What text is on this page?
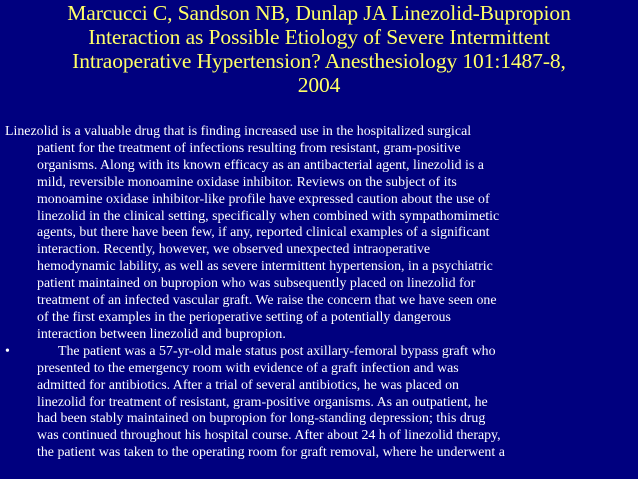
Marcucci C, Sandson NB, Dunlap JA Linezolid-Bupropion
Interaction as Possible Etiology of Severe Intermittent
Intraoperative Hypertension? Anesthesiology 101:1487-8,
2004
Linezolid is a valuable drug that is finding increased use in the hospitalized surgical
patient for the treatment of infections resulting from resistant, gram-positive
organisms. Along with its known efficacy as an antibacterial agent, linezolid is a
mild, reversible monoamine oxidase inhibitor. Reviews on the subject of its
monoamine oxidase inhibitor-like profile have expressed caution about the use of
linezolid in the clinical setting, specifically when combined with sympathomimetic
agents, but there have been few, if any, reported clinical examples of a significant
interaction. Recently, however, we observed unexpected intraoperative
hemodynamic lability, as well as severe intermittent hypertension, in a psychiatric
patient maintained on bupropion who was subsequently placed on linezolid for
treatment of an infected vascular graft. We raise the concern that we have seen one
of the first examples in the perioperative setting of a potentially dangerous
interaction between linezolid and bupropion.
•	The patient was a 57-yr-old male status post axillary-femoral bypass graft who
presented to the emergency room with evidence of a graft infection and was
admitted for antibiotics. After a trial of several antibiotics, he was placed on
linezolid for treatment of resistant, gram-positive organisms. As an outpatient, he
had been stably maintained on bupropion for long-standing depression; this drug
was continued throughout his hospital course. After about 24 h of linezolid therapy,
the patient was taken to the operating room for graft removal, where he underwent a
